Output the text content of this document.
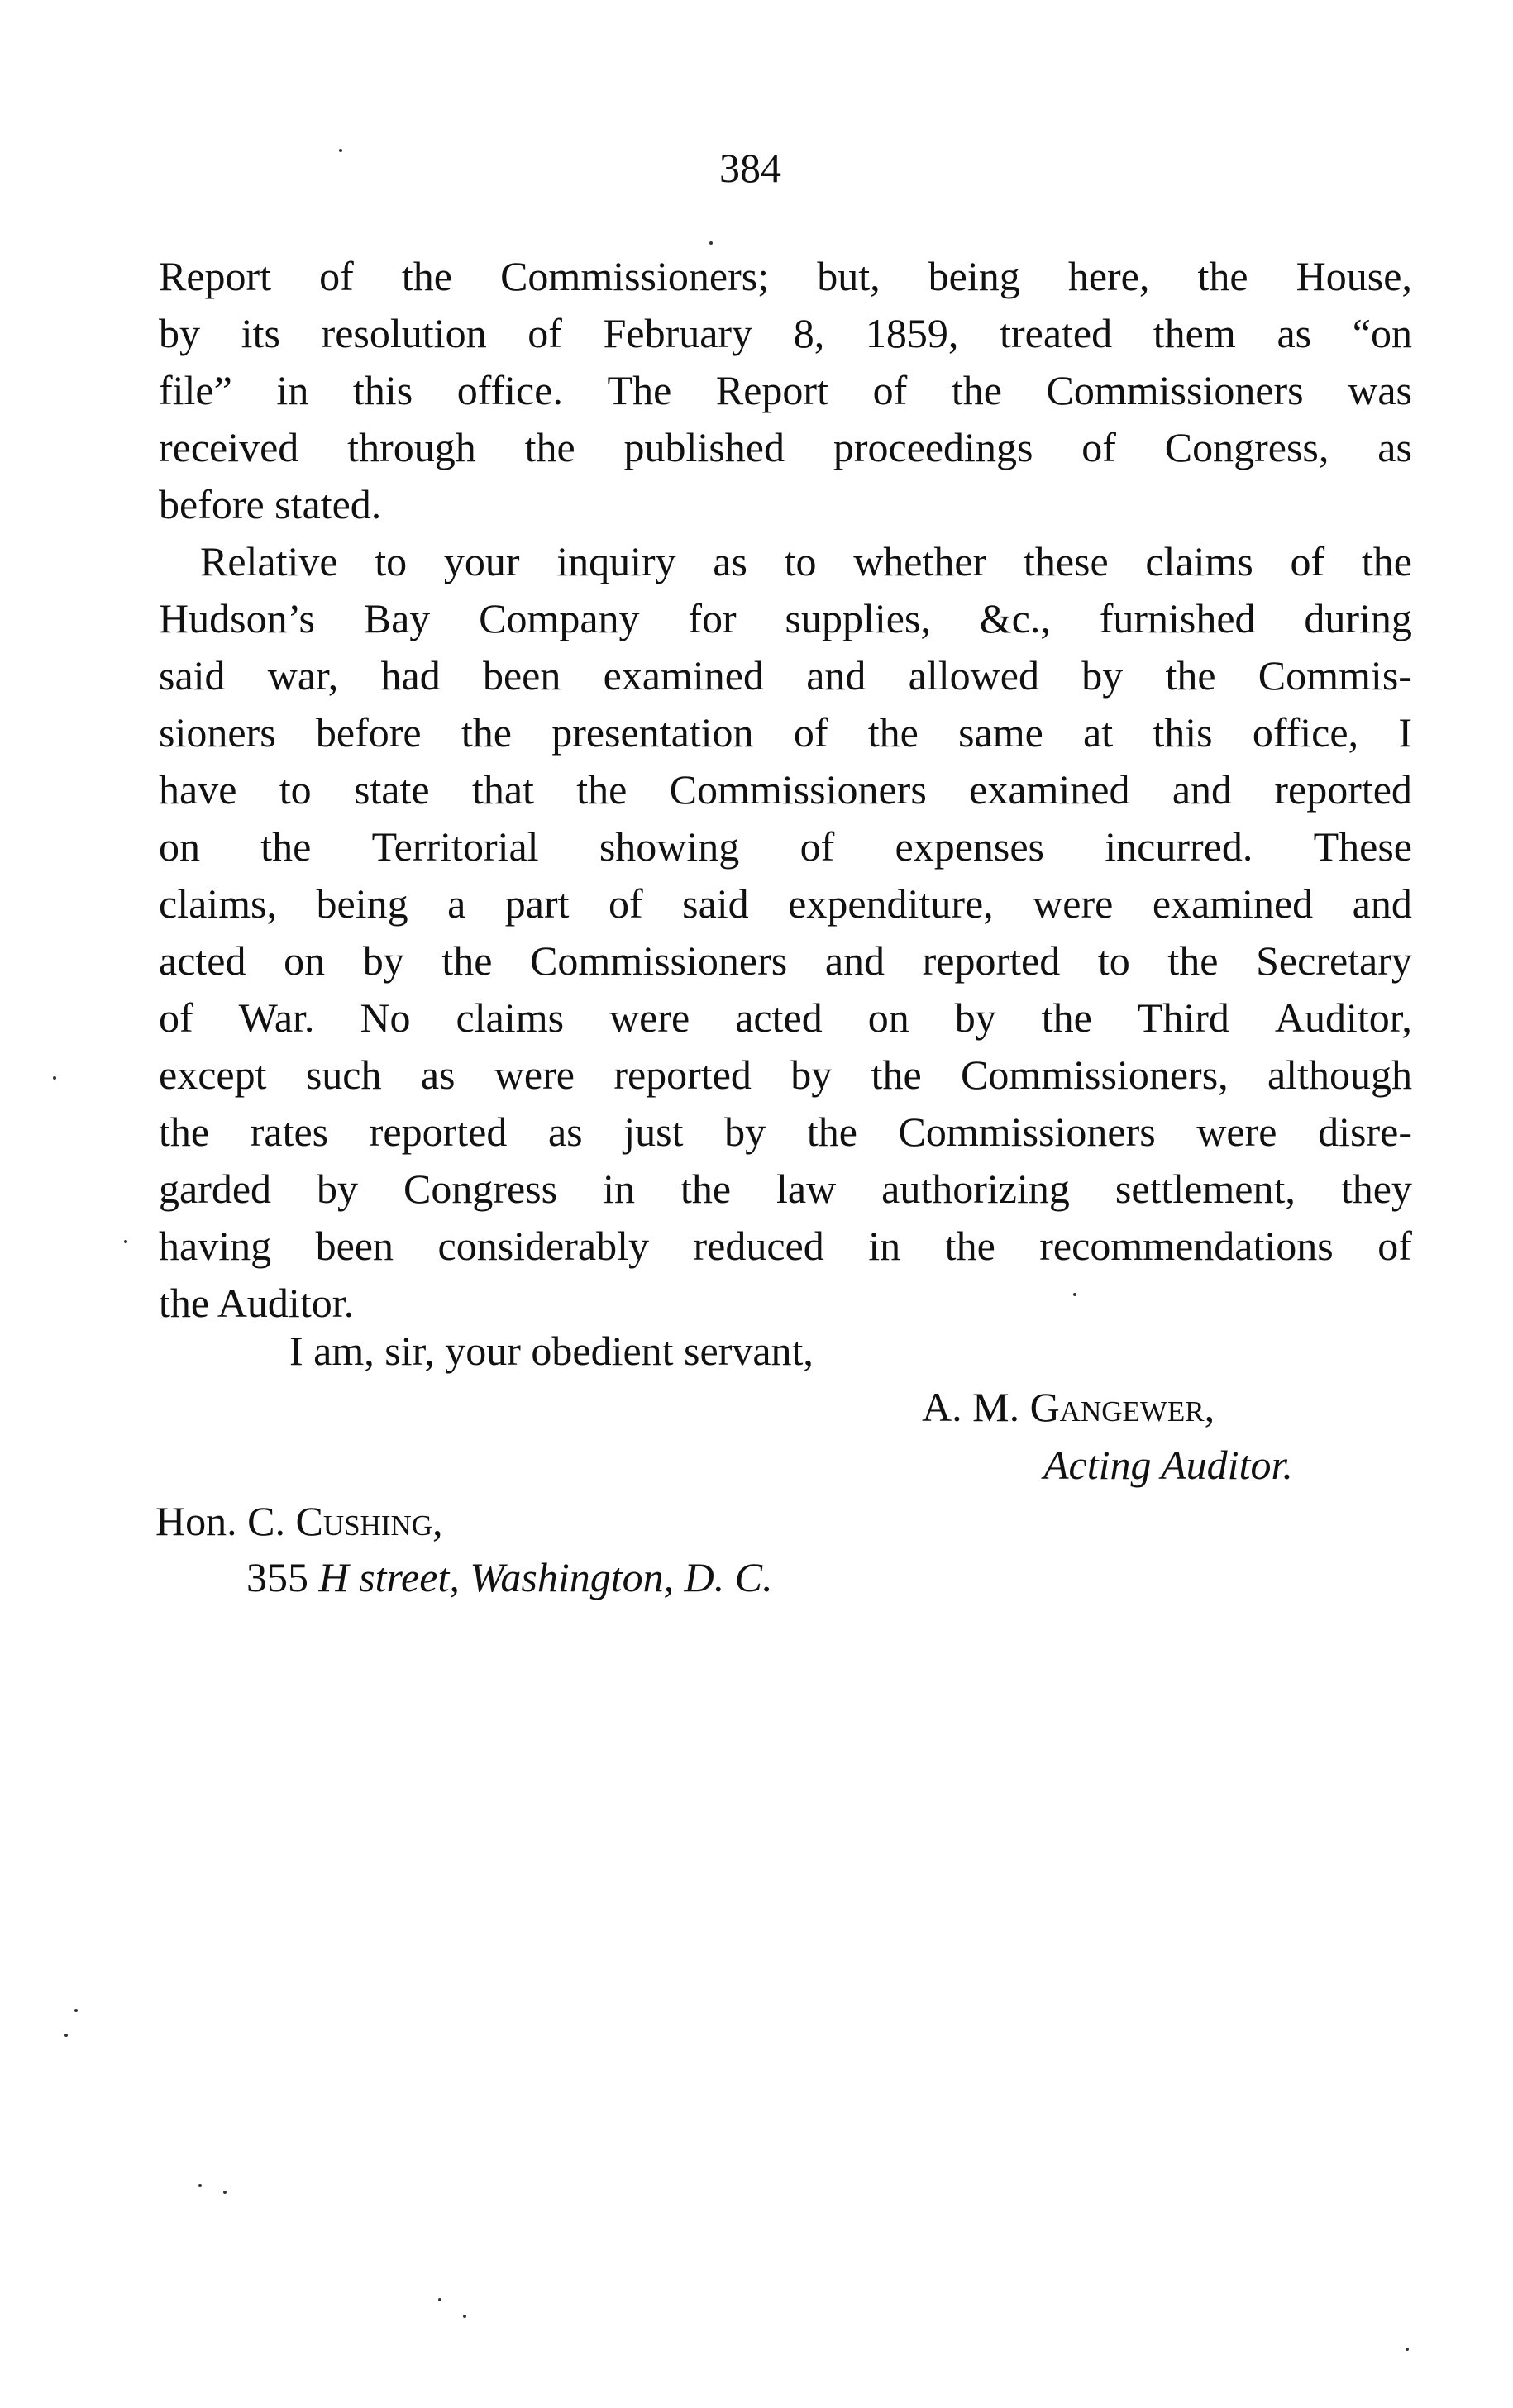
384
Report of the Commissioners; but, being here, the House,
by its resolution of February 8, 1859, treated them as “on
file” in this office. The Report of the Commissioners was
received through the published proceedings of Congress, as
before stated.
Relative to your inquiry as to whether these claims of the
Hudson’s Bay Company for supplies, &c., furnished during
said war, had been examined and allowed by the Commis-
sioners before the presentation of the same at this office, I
have to state that the Commissioners examined and reported
on the Territorial showing of expenses incurred. These
claims, being a part of said expenditure, were examined and
acted on by the Commissioners and reported to the Secretary
of War. No claims were acted on by the Third Auditor,
except such as were reported by the Commissioners, although
the rates reported as just by the Commissioners were disre-
garded by Congress in the law authorizing settlement, they
having been considerably reduced in the recommendations of
the Auditor.
I am, sir, your obedient servant,
A. M. Gangewer,
Acting Auditor.
Hon. C. Cushing,
355 H street, Washington, D. C.
